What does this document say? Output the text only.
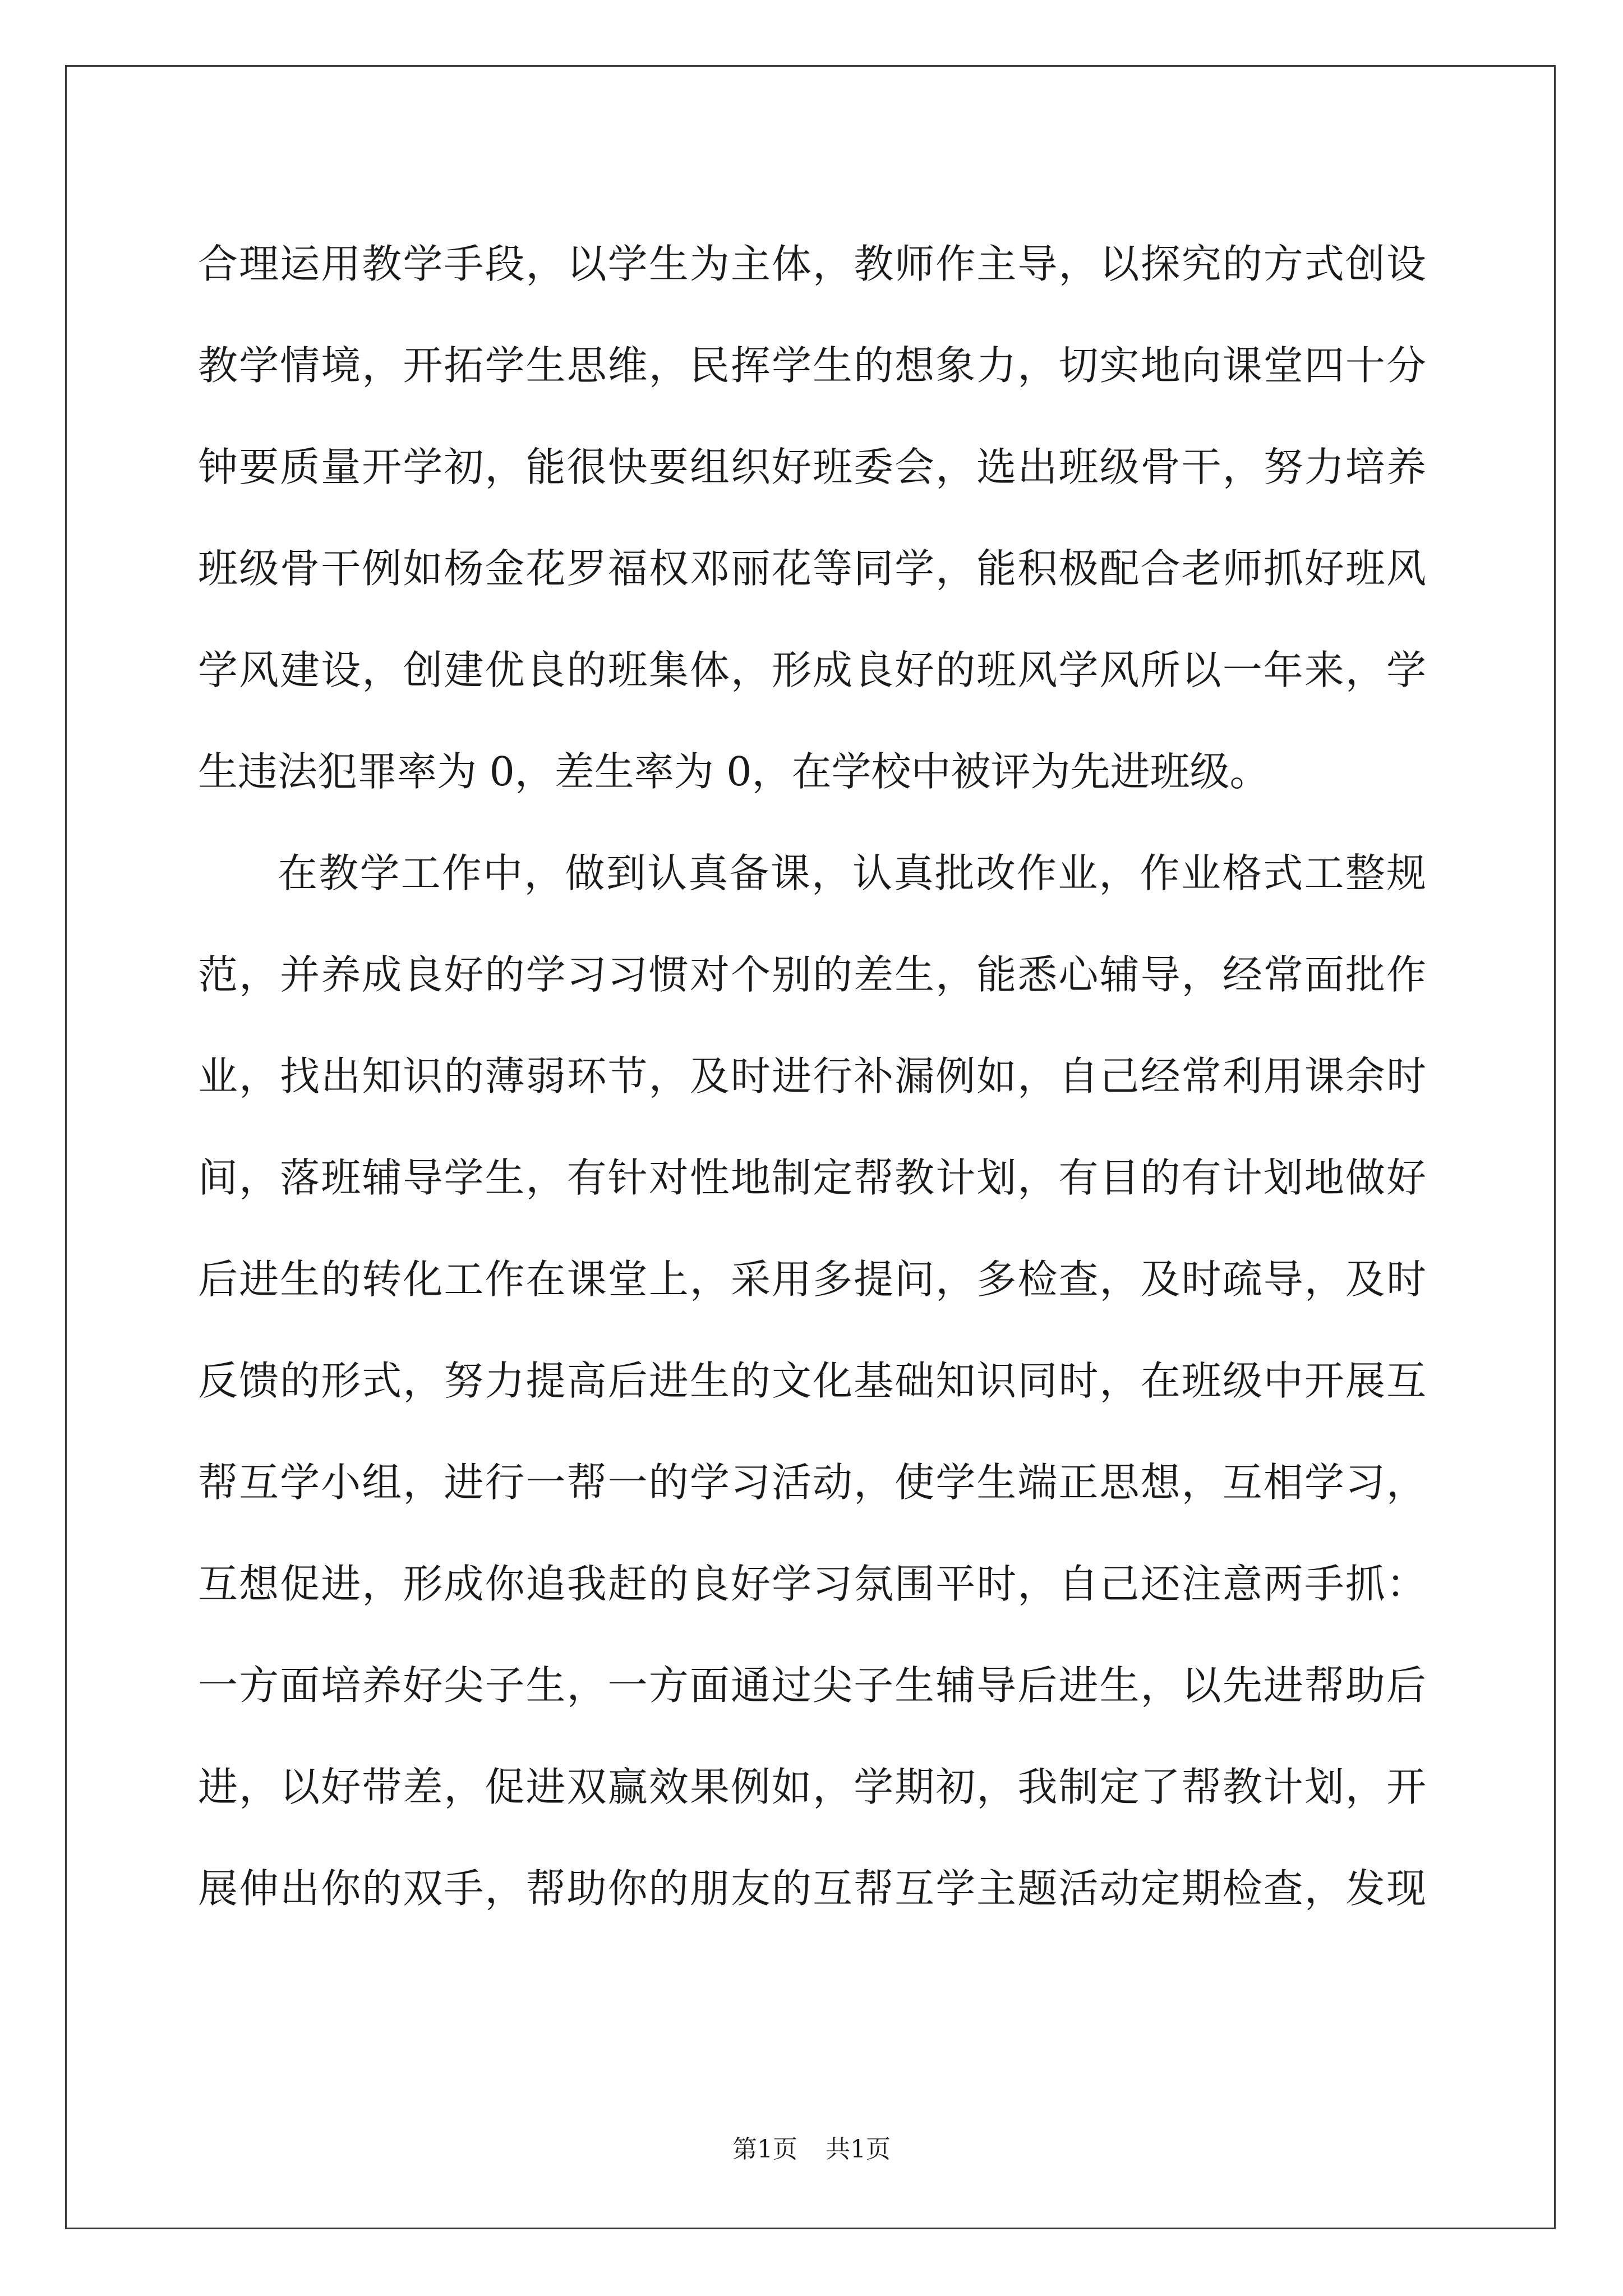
合理运用教学手段，以学生为主体，教师作主导，以探究的方式创设
教学情境，开拓学生思维，民挥学生的想象力，切实地向课堂四十分
钟要质量开学初，能很快要组织好班委会，选出班级骨干，努力培养
班级骨干例如杨金花罗福权邓丽花等同学，能积极配合老师抓好班风
学风建设，创建优良的班集体，形成良好的班风学风所以一年来，学
生违法犯罪率为 0，差生率为 0，在学校中被评为先进班级。

在教学工作中，做到认真备课，认真批改作业，作业格式工整规
范，并养成良好的学习习惯对个别的差生，能悉心辅导，经常面批作
业，找出知识的薄弱环节，及时进行补漏例如，自己经常利用课余时
间，落班辅导学生，有针对性地制定帮教计划，有目的有计划地做好
后进生的转化工作在课堂上，采用多提问，多检查，及时疏导，及时
反馈的形式，努力提高后进生的文化基础知识同时，在班级中开展互
帮互学小组，进行一帮一的学习活动，使学生端正思想，互相学习，
互想促进，形成你追我赶的良好学习氛围平时，自己还注意两手抓：
一方面培养好尖子生，一方面通过尖子生辅导后进生，以先进帮助后
进，以好带差，促进双赢效果例如，学期初，我制定了帮教计划，开
展伸出你的双手，帮助你的朋友的互帮互学主题活动定期检查，发现

第1页 共1页
